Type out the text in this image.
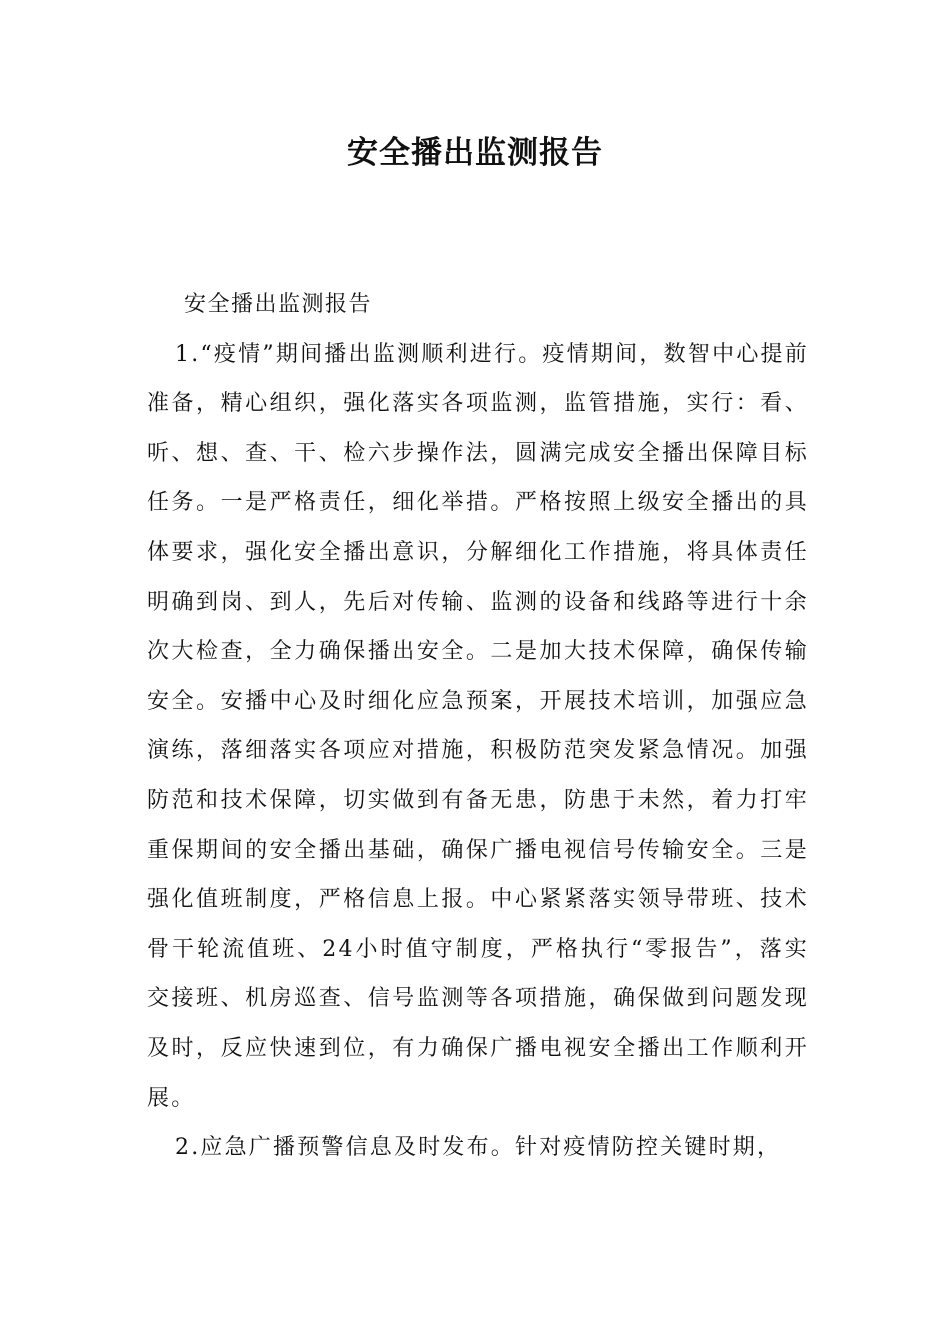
安全播出监测报告

安全播出监测报告

1.“疫情”期间播出监测顺利进行。疫情期间，数智中心提前准备，精心组织，强化落实各项监测，监管措施，实行：看、听、想、查、干、检六步操作法，圆满完成安全播出保障目标任务。一是严格责任，细化举措。严格按照上级安全播出的具体要求，强化安全播出意识，分解细化工作措施，将具体责任明确到岗、到人，先后对传输、监测的设备和线路等进行十余次大检查，全力确保播出安全。二是加大技术保障，确保传输安全。安播中心及时细化应急预案，开展技术培训，加强应急演练，落细落实各项应对措施，积极防范突发紧急情况。加强防范和技术保障，切实做到有备无患，防患于未然，着力打牢重保期间的安全播出基础，确保广播电视信号传输安全。三是强化值班制度，严格信息上报。中心紧紧落实领导带班、技术骨干轮流值班、24小时值守制度，严格执行“零报告”，落实交接班、机房巡查、信号监测等各项措施，确保做到问题发现及时，反应快速到位，有力确保广播电视安全播出工作顺利开展。

2.应急广播预警信息及时发布。针对疫情防控关键时期，
